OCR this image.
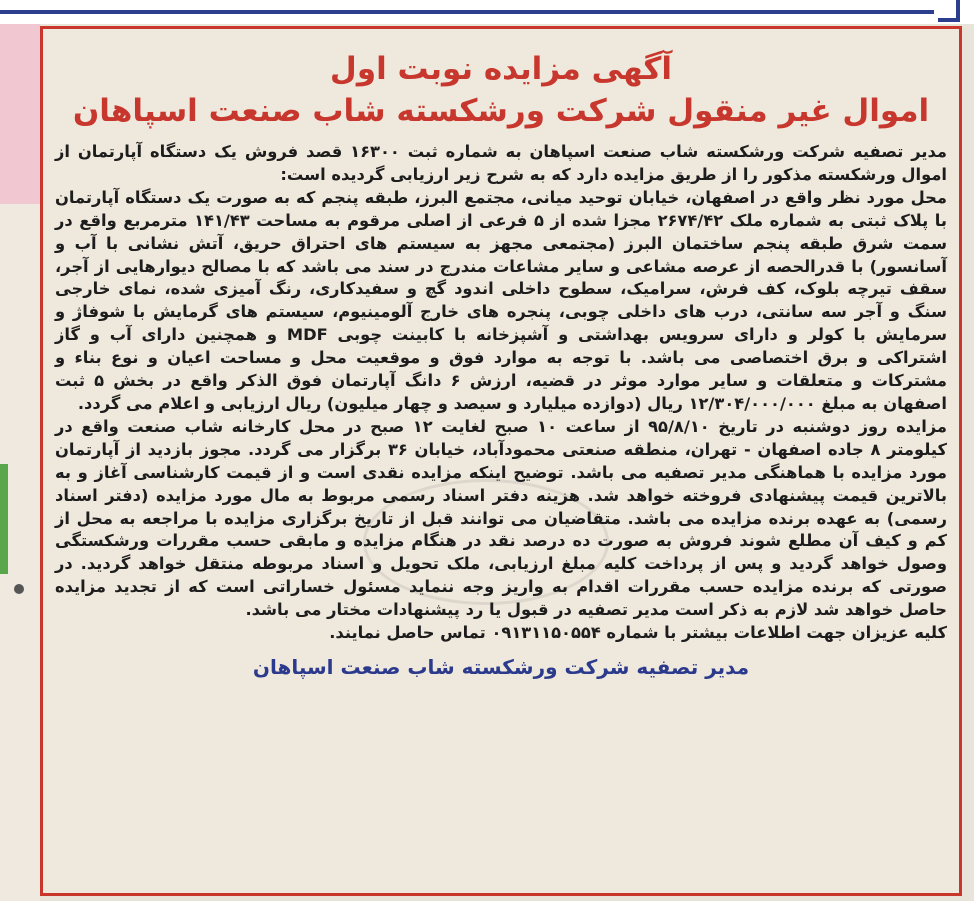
آگهی مزایده نوبت اول
اموال غیر منقول شرکت ورشکسته شاب صنعت اسپاهان

مدیر تصفیه شرکت ورشکسته شاب صنعت اسپاهان به شماره ثبت ۱۶۳۰۰ قصد فروش یک دستگاه آپارتمان از اموال ورشکسته مذکور را از طریق مزایده دارد که به شرح زیر ارزیابی گردیده است:

محل مورد نظر واقع در اصفهان، خیابان توحید میانی، مجتمع البرز، طبقه پنجم که به صورت یک دستگاه آپارتمان با پلاک ثبتی به شماره ملک ۲۶۷۴/۴۲ مجزا شده از ۵ فرعی از اصلی مرقوم به مساحت ۱۴۱/۴۳ مترمربع واقع در سمت شرق طبقه پنجم ساختمان البرز (مجتمعی مجهز به سیستم های احتراق حریق، آتش نشانی با آب و آسانسور) با قدرالحصه از عرصه مشاعی و سایر مشاعات مندرج در سند می باشد که با مصالح دیوارهایی از آجر، سقف تیرچه بلوک، کف فرش، سرامیک، سطوح داخلی اندود گچ و سفیدکاری، رنگ آمیزی شده، نمای خارجی سنگ و آجر سه سانتی، درب های داخلی چوبی، پنجره های خارج آلومینیوم، سیستم های گرمایش با شوفاژ و سرمایش با کولر و دارای سرویس بهداشتی و آشپزخانه با کابینت چوبی MDF و همچنین دارای آب و گاز اشتراکی و برق اختصاصی می باشد. با توجه به موارد فوق و موقعیت محل و مساحت اعیان و نوع بناء و مشترکات و متعلقات و سایر موارد موثر در قضیه، ارزش ۶ دانگ آپارتمان فوق الذکر واقع در بخش ۵ ثبت اصفهان به مبلغ ۱۲/۳۰۴/۰۰۰/۰۰۰ ریال (دوازده میلیارد و سیصد و چهار میلیون) ریال ارزیابی و اعلام می گردد.

مزایده روز دوشنبه در تاریخ ۹۵/۸/۱۰ از ساعت ۱۰ صبح لغایت ۱۲ صبح در محل کارخانه شاب صنعت واقع در کیلومتر ۸ جاده اصفهان - تهران، منطقه صنعتی محمودآباد، خیابان ۳۶ برگزار می گردد. مجوز بازدید از آپارتمان مورد مزایده با هماهنگی مدیر تصفیه می باشد. توضیح اینکه مزایده نقدی است و از قیمت کارشناسی آغاز و به بالاترین قیمت پیشنهادی فروخته خواهد شد. هزینه دفتر اسناد رسمی مربوط به مال مورد مزایده (دفتر اسناد رسمی) به عهده برنده مزایده می باشد. متقاضیان می توانند قبل از تاریخ برگزاری مزایده با مراجعه به محل از کم و کیف آن مطلع شوند فروش به صورت ده درصد نقد در هنگام مزایده و مابقی حسب مقررات ورشکستگی وصول خواهد گردید و پس از پرداخت کلیه مبلغ ارزیابی، ملک تحویل و اسناد مربوطه منتقل خواهد گردید. در صورتی که برنده مزایده حسب مقررات اقدام به واریز وجه ننماید مسئول خساراتی است که از تجدید مزایده حاصل خواهد شد لازم به ذکر است مدیر تصفیه در قبول یا رد پیشنهادات مختار می باشد.

کلیه عزیزان جهت اطلاعات بیشتر با شماره ۰۹۱۳۱۱۵۰۵۵۴ تماس حاصل نمایند.

مدیر تصفیه شرکت ورشکسته شاب صنعت اسپاهان
